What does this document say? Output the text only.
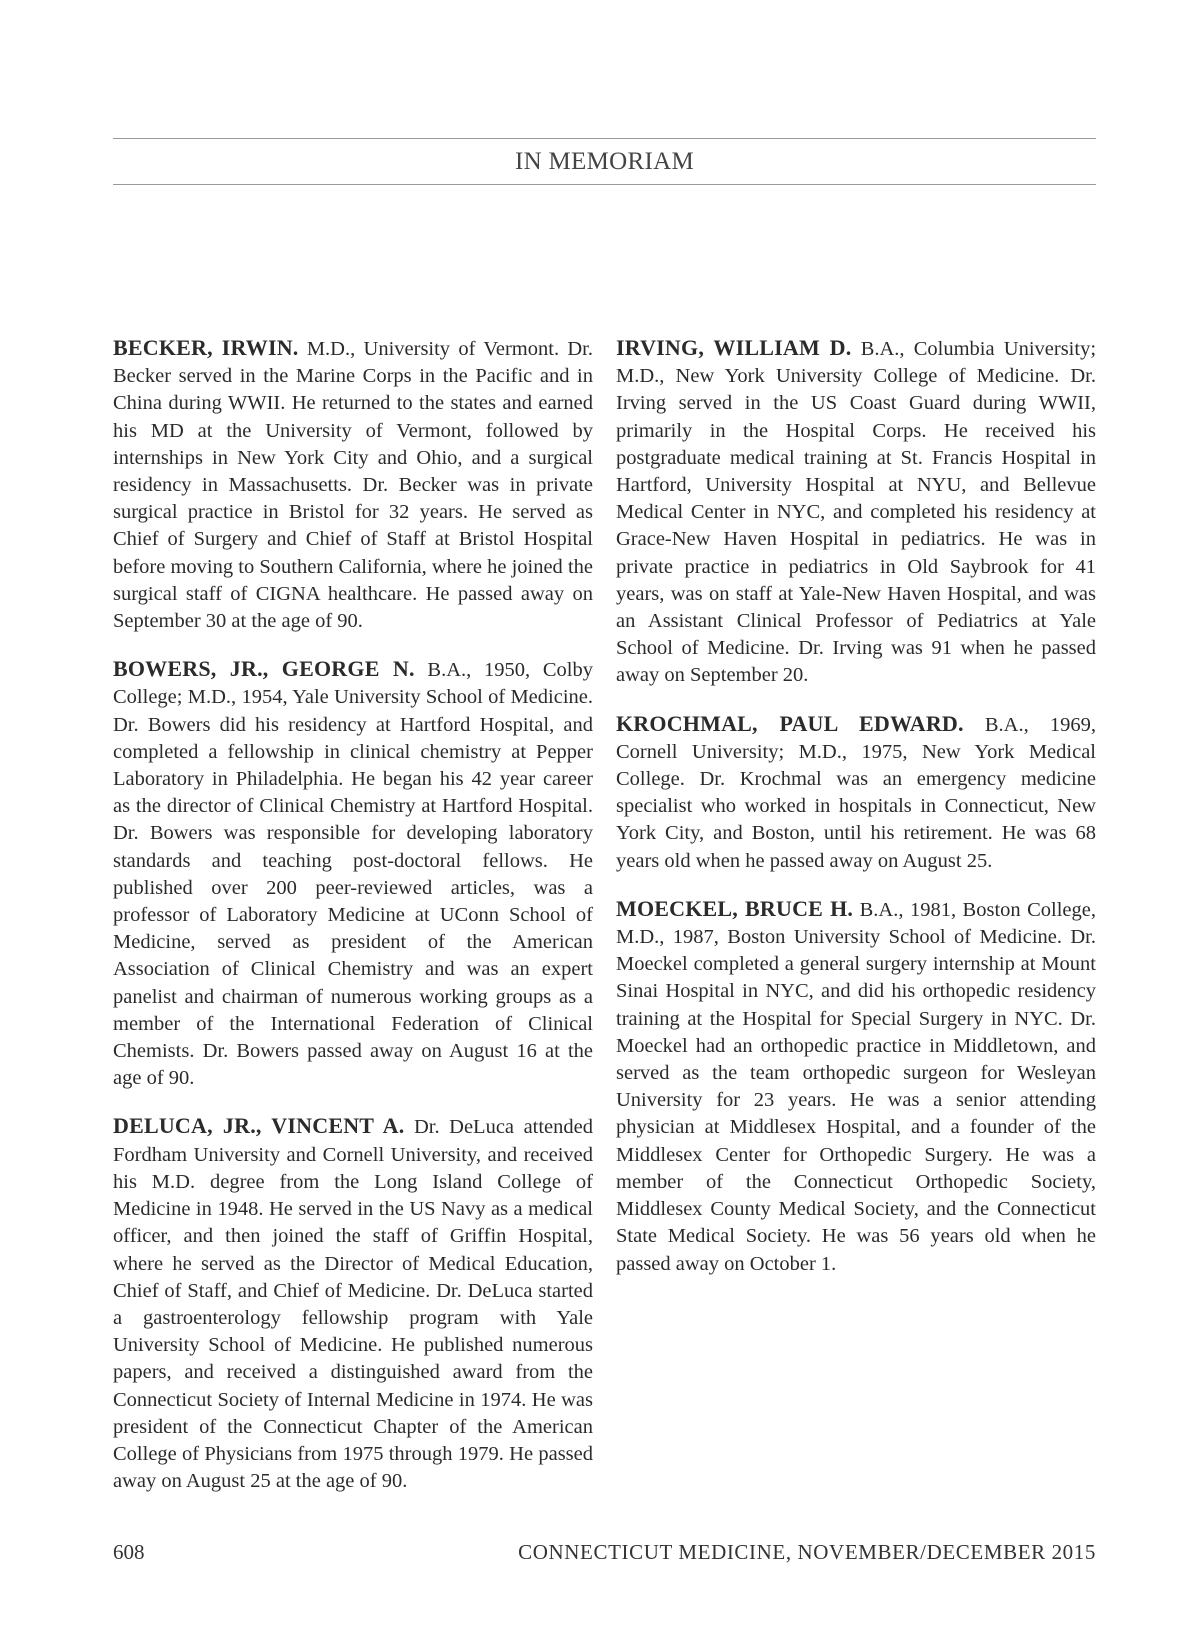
IN MEMORIAM

BECKER, IRWIN. M.D., University of Vermont. Dr. Becker served in the Marine Corps in the Pacific and in China during WWII. He returned to the states and earned his MD at the University of Vermont, followed by internships in New York City and Ohio, and a surgical residency in Massachusetts. Dr. Becker was in private surgical practice in Bristol for 32 years. He served as Chief of Surgery and Chief of Staff at Bristol Hospital before moving to Southern California, where he joined the surgical staff of CIGNA healthcare. He passed away on September 30 at the age of 90.

BOWERS, JR., GEORGE N. B.A., 1950, Colby College; M.D., 1954, Yale University School of Medicine. Dr. Bowers did his residency at Hartford Hospital, and completed a fellowship in clinical chemistry at Pepper Laboratory in Philadelphia. He began his 42 year career as the director of Clinical Chemistry at Hartford Hospital. Dr. Bowers was responsible for developing laboratory standards and teaching post-doctoral fellows. He published over 200 peer-reviewed articles, was a professor of Laboratory Medicine at UConn School of Medicine, served as president of the American Association of Clinical Chemistry and was an expert panelist and chairman of numerous working groups as a member of the International Federation of Clinical Chemists. Dr. Bowers passed away on August 16 at the age of 90.

DELUCA, JR., VINCENT A. Dr. DeLuca attended Fordham University and Cornell University, and received his M.D. degree from the Long Island College of Medicine in 1948. He served in the US Navy as a medical officer, and then joined the staff of Griffin Hospital, where he served as the Director of Medical Education, Chief of Staff, and Chief of Medicine. Dr. DeLuca started a gastroenterology fellowship program with Yale University School of Medicine. He published numerous papers, and received a distinguished award from the Connecticut Society of Internal Medicine in 1974. He was president of the Connecticut Chapter of the American College of Physicians from 1975 through 1979. He passed away on August 25 at the age of 90.

IRVING, WILLIAM D. B.A., Columbia University; M.D., New York University College of Medicine. Dr. Irving served in the US Coast Guard during WWII, primarily in the Hospital Corps. He received his postgraduate medical training at St. Francis Hospital in Hartford, University Hospital at NYU, and Bellevue Medical Center in NYC, and completed his residency at Grace-New Haven Hospital in pediatrics. He was in private practice in pediatrics in Old Saybrook for 41 years, was on staff at Yale-New Haven Hospital, and was an Assistant Clinical Professor of Pediatrics at Yale School of Medicine. Dr. Irving was 91 when he passed away on September 20.

KROCHMAL, PAUL EDWARD. B.A., 1969, Cornell University; M.D., 1975, New York Medical College. Dr. Krochmal was an emergency medicine specialist who worked in hospitals in Connecticut, New York City, and Boston, until his retirement. He was 68 years old when he passed away on August 25.

MOECKEL, BRUCE H. B.A., 1981, Boston College, M.D., 1987, Boston University School of Medicine. Dr. Moeckel completed a general surgery internship at Mount Sinai Hospital in NYC, and did his orthopedic residency training at the Hospital for Special Surgery in NYC. Dr. Moeckel had an orthopedic practice in Middletown, and served as the team orthopedic surgeon for Wesleyan University for 23 years. He was a senior attending physician at Middlesex Hospital, and a founder of the Middlesex Center for Orthopedic Surgery. He was a member of the Connecticut Orthopedic Society, Middlesex County Medical Society, and the Connecticut State Medical Society. He was 56 years old when he passed away on October 1.

608	CONNECTICUT MEDICINE, NOVEMBER/DECEMBER 2015
